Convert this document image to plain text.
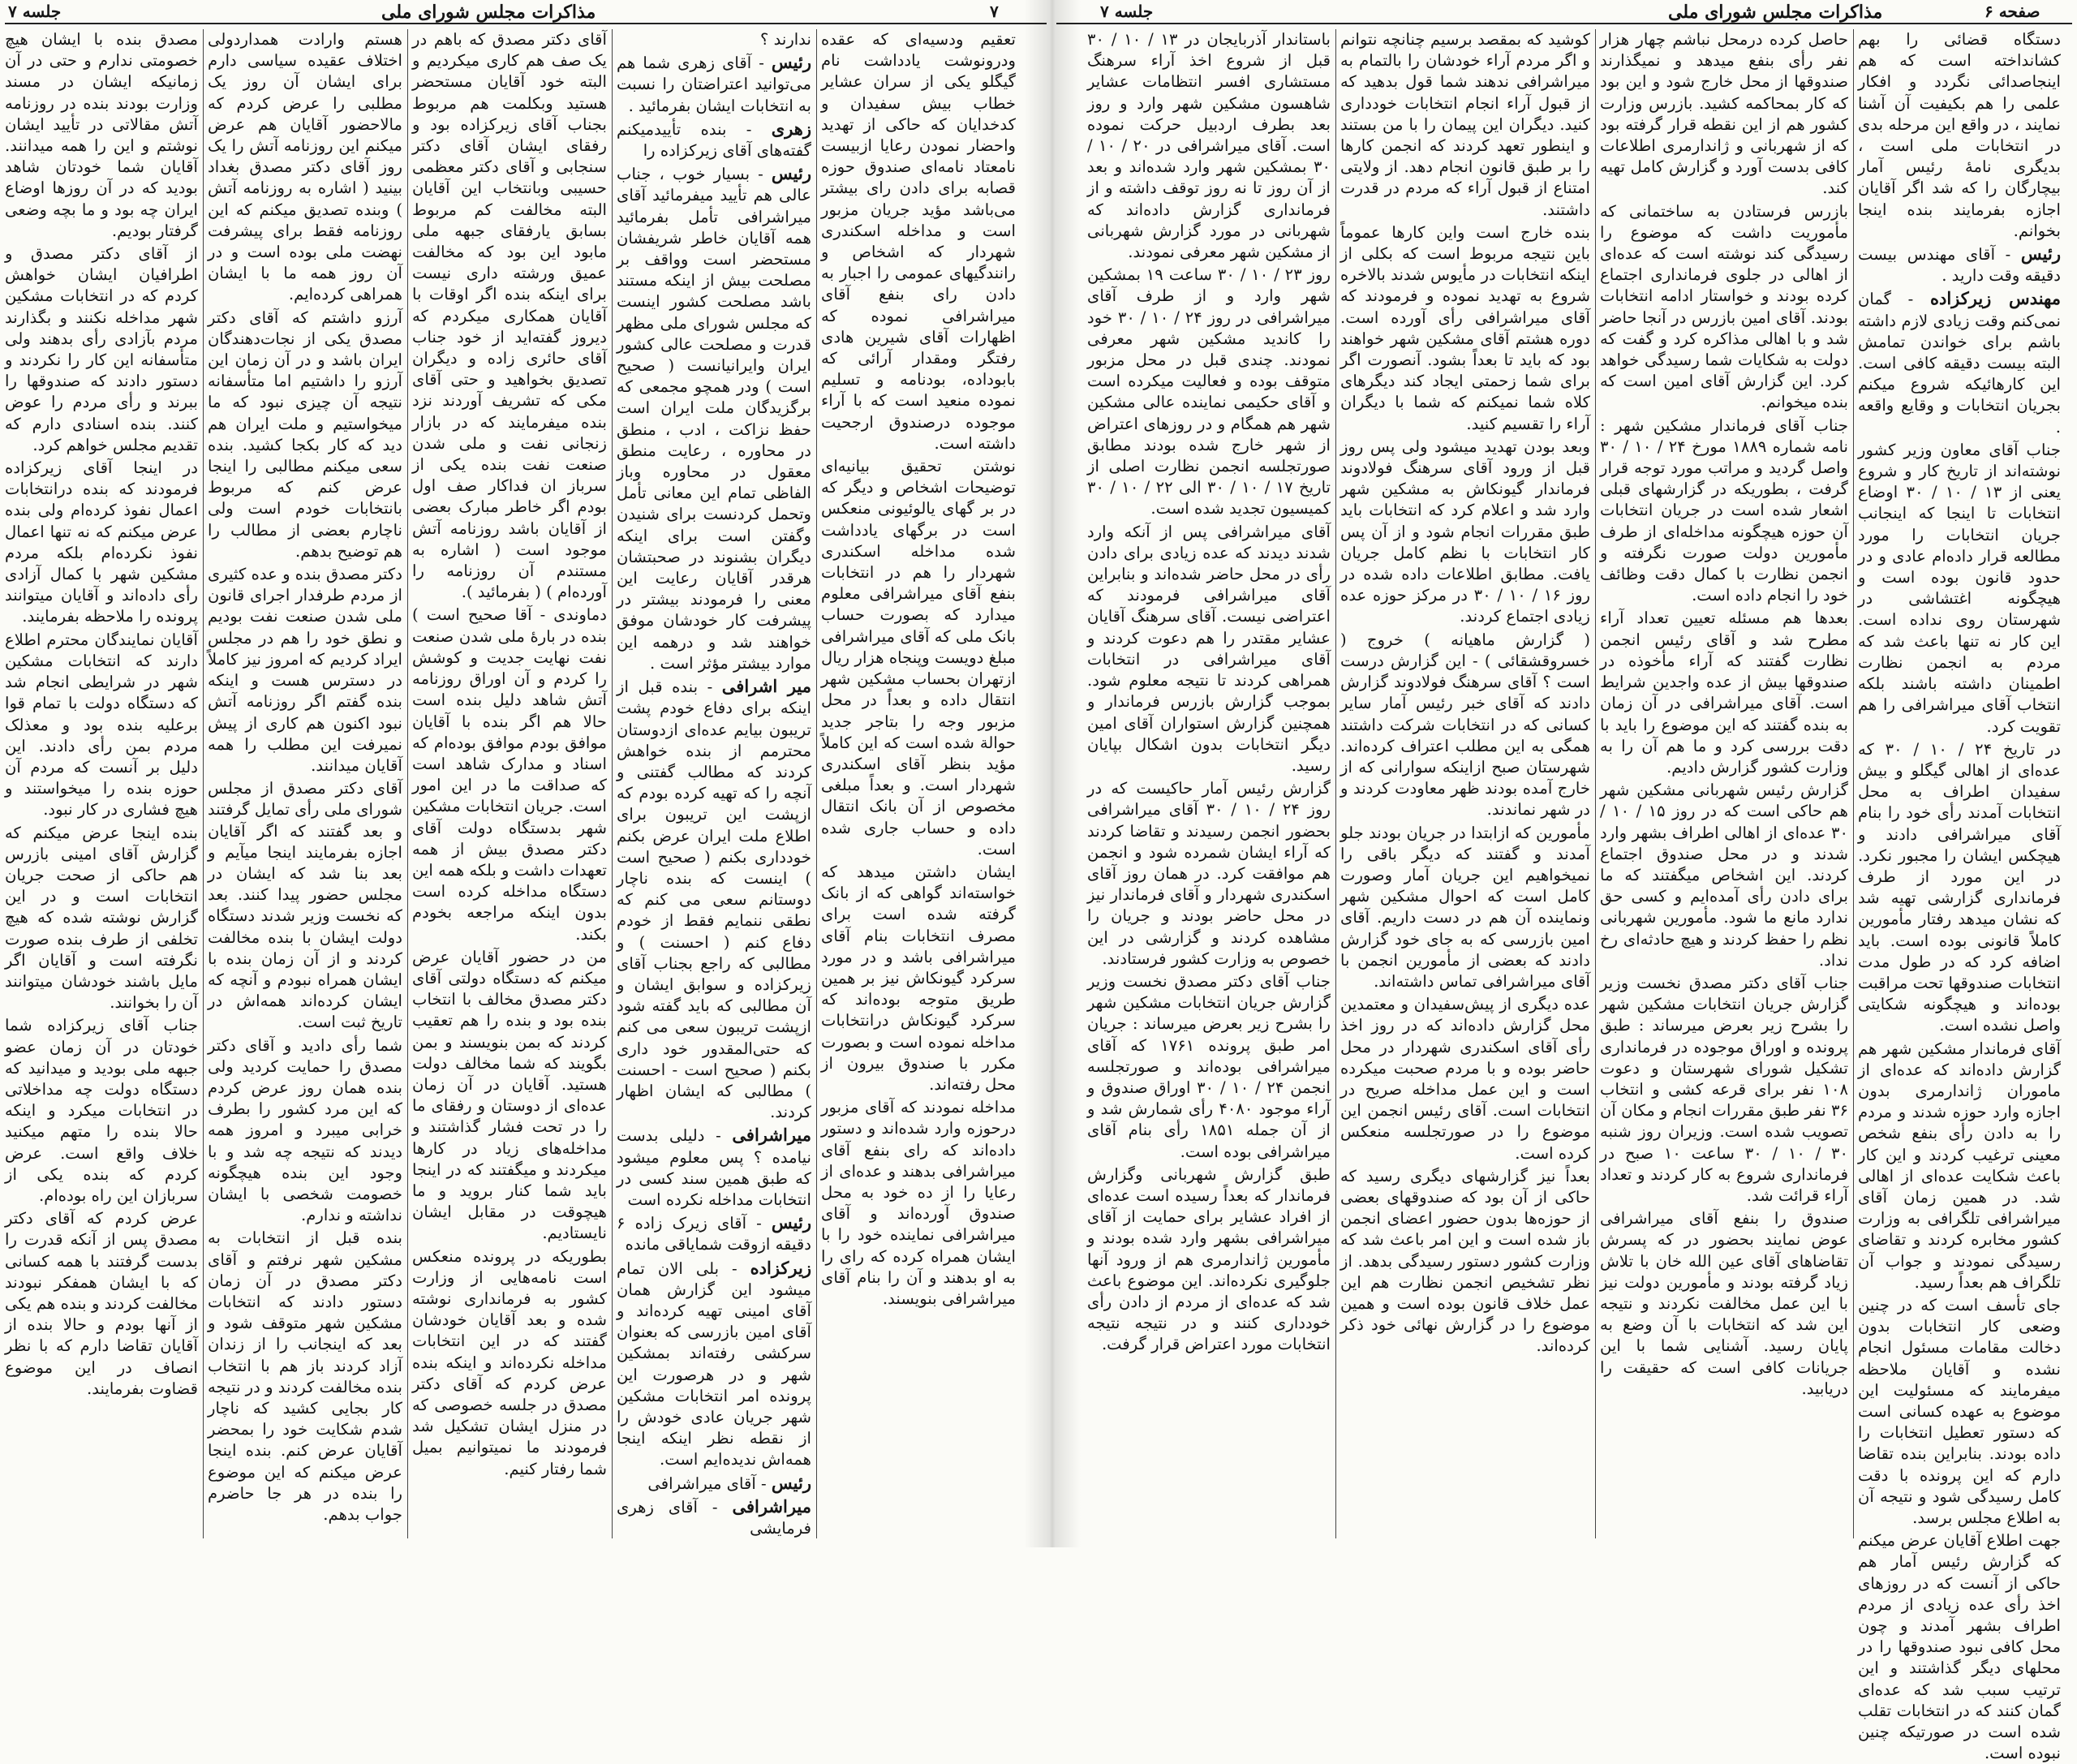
مذاکرات مجلس شورای ملی
جلسه ۷	۷

تعقیم ودسیه‌ای که عقده ودرونوشت یادداشت نام گیگلو یکی از سران عشایر خطاب بیش سفیدان و کدخدایان که حاکی از تهدید واحضار نمودن رعایا ازبیست نامعتاد نامه‌ای صندوق حوزه قصابه برای دادن رای بیشتر می‌باشد مؤید جریان مزبور است و مداخله اسکندری شهردار که اشخاص و رانندگیهای عمومی را اجبار به دادن رای بنفع آقای میراشرافی نموده که اظهارات آقای شیرین هادی رفتگر ومقدار آرائی که بابوداده، بودنامه و تسلیم نموده منعید است که با آراء موجوده درصندوق ارجحیت داشته است.

نوشتن تحقیق بیانیه‌ای توضیحات اشخاص و دیگر که در بر گهای یالوئیونی منعکس است در برگهای یادداشت شده مداخله اسکندری شهردار را هم در انتخابات بنفع آقای میراشرافی معلوم میدارد که بصورت حساب بانک ملی که آقای میراشرافی مبلغ دویست وپنجاه هزار ریال ازتهران بحساب مشکین شهر انتقال داده و بعداً در محل مزبور وجه را بتاجر جدید حوالة شده است که این کاملاً مؤید بنظر آقای اسکندری شهردار است. و بعداً مبلغی مخصوص از آن بانک انتقال داده و حساب جاری شده است.

ایشان داشتن میدهد که خواسته‌اند گواهی که از بانک گرفته شده است برای مصرف انتخابات بنام آقای میراشرافی باشد و در مورد سرکرد گیونکاش نیز بر همین طریق متوجه بوده‌اند که سرکرد گیونکاش درانتخابات مداخله نموده است و بصورت مکرر با صندوق بیرون از محل رفته‌اند.

مداخله نمودند که آقای مزبور درحوزه وارد شده‌اند و دستور داده‌اند که رای بنفع آقای میراشرافی بدهند و عده‌ای از رعایا را از ده خود به محل صندوق آورده‌اند و آقای میراشرافی نماینده خود را با ایشان همراه کرده که رای را به او بدهند و آن را بنام آقای میراشرافی بنویسند.

ندارند ؟

رئیس - آقای زهری شما هم می‌توانید اعتراضتان را نسبت به انتخابات ایشان بفرمائید .

زهری - بنده تأییدمیکنم گفته‌های آقای زیرکزاده را

رئیس - بسیار خوب ، جناب عالی هم تأیید میفرمائید آقای میراشرافی تأمل بفرمائید همه آقایان خاطر شریفشان مستحضر است وواقف بر مصلحت بیش از اینکه مستند باشد مصلحت کشور اینست که مجلس شورای ملی مظهر قدرت و مصلحت عالی کشور ایران وایرانیانست ( صحیح است ) ودر همچو مجمعی که برگزیدگان ملت ایران است حفظ نزاکت ، ادب ، منطق در محاوره ، رعایت منطق معقول در محاوره وباز الفاظی تمام این معانی تأمل وتحمل کردنست برای شنیدن وگفتن است برای اینکه دیگران بشنوند در صحبتشان هرقدر آقایان رعایت این معنی را فرمودند بیشتر در پیشرفت کار خودشان موفق خواهند شد و درهمه این موارد بیشتر مؤثر است .

میر اشرافی - بنده قبل از اینکه برای دفاع خودم پشت تریبون بیایم عده‌ای ازدوستان محترمم از بنده خواهش کردند که مطالب گفتنی و آنچه را که تهیه کرده بودم که ازپشت این تریبون برای اطلاع ملت ایران عرض بکنم خودداری بکنم ( صحیح است ) اینست که بنده ناچار دوستانم سعی می کنم که نطقی ننمایم فقط از خودم دفاع کنم ( احسنت ) و مطالبی که راجع بجناب آقای زیرکزاده و سوابق ایشان و آن مطالبی که باید گفته شود ازپشت تریبون سعی می کنم که حتی‌المقدور خود داری بکنم ( صحیح است - احسنت ) مطالبی که ایشان اظهار کردند.

میراشرافی - دلیلی بدست نیامده ؟ پس معلوم میشود که طبق همین سند کسی در انتخابات مداخله نکرده است

رئیس - آقای زیرک زاده ۶ دقیقه ازوقت شمایاقی مانده

زیرکزاده - بلی الان تمام میشود این گزارش همان آقای امینی تهیه کرده‌اند و آقای امین بازرسی که بعنوان سرکشی رفته‌اند بمشکین شهر و در هرصورت این پرونده امر انتخابات مشکین شهر جریان عادی خودش را از نقطه نظر اینکه اینجا همه‌اش ندیده‌ایم است.

رئیس - آقای میراشرافی

میراشرافی - آقای زهری فرمایشی

آقای دکتر مصدق که باهم در یک صف هم کاری میکردیم و البته خود آقایان مستحضر هستید وبکلمت هم مربوط بجناب آقای زیرکزاده بود و رفقای ایشان آقای دکتر سنجابی و آقای دکتر معظمی حسیبی وبانتخاب این آقایان البته مخالفت کم مربوط بسابق یارفقای جبهه ملی مابود این بود که مخالفت عمیق ورشته داری نیست برای اینکه بنده اگر اوقات با آقایان همکاری میکردم که دیروز گفته‌اید از خود جناب آقای حائری زاده و دیگران تصدیق بخواهید و حتی آقای مکی که تشریف آوردند نزد بنده میفرمایند که در بازار زنجانی نفت و ملی شدن صنعت نفت بنده یکی از سرباز ان فداکار صف اول بودم اگر خاطر مبارک بعضی از آقایان باشد روزنامه آتش موجود است ( اشاره به مستندم آن روزنامه را آورده‌ام ) ( بفرمائید ).

دماوندی - آقا صحیح است ) بنده در بارهٔ ملی شدن صنعت نفت نهایت جدیت و کوشش را کردم و آن اوراق روزنامه آتش شاهد دلیل بنده است حالا هم اگر بنده با آقایان موافق بودم موافق بوده‌ام که اسناد و مدارک شاهد است که صداقت ما در این امور است. جریان انتخابات مشکین شهر بدستگاه دولت آقای دکتر مصدق بیش از همه تعهدات داشت و بلکه همه این دستگاه مداخله کرده است بدون اینکه مراجعه بخودم بکند.

من در حضور آقایان عرض میکنم که دستگاه دولتی آقای دکتر مصدق مخالف با انتخاب بنده بود و بنده را هم تعقیب کردند که بمن بنویسند و بمن بگویند که شما مخالف دولت هستید. آقایان در آن زمان عده‌ای از دوستان و رفقای ما را در تحت فشار گذاشتند و مداخله‌های زیاد در کارها میکردند و میگفتند که در اینجا باید شما کنار بروید و ما هیچوقت در مقابل ایشان نایستادیم.

بطوریکه در پرونده منعکس است نامه‌هایی از وزارت کشور به فرمانداری نوشته شده و بعد آقایان خودشان گفتند که در این انتخابات مداخله نکرده‌اند و اینکه بنده عرض کردم که آقای دکتر مصدق در جلسه خصوصی که در منزل ایشان تشکیل شد فرمودند ما نمیتوانیم بمیل شما رفتار کنیم.

هستم وارادت همداردولی اختلاف عقیده سیاسی دارم برای ایشان آن روز یک مطلبی را عرض کردم که مالاحضور آقایان هم عرض میکنم این روزنامه آتش را یک روز آقای دکتر مصدق بغداد بینید ( اشاره به روزنامه آتش ) وبنده تصدیق میکنم که این روزنامه فقط برای پیشرفت نهضت ملی بوده است و در آن روز همه ما با ایشان همراهی کرده‌ایم.

آرزو داشتم که آقای دکتر مصدق یکی از نجات‌دهندگان ایران باشد و در آن زمان این آرزو را داشتیم اما متأسفانه نتیجه آن چیزی نبود که ما میخواستیم و ملت ایران هم دید که کار بکجا کشید. بنده سعی میکنم مطالبی را اینجا عرض کنم که مربوط بانتخابات خودم است ولی ناچارم بعضی از مطالب را هم توضیح بدهم.

دکتر مصدق بنده و عده کثیری از مردم طرفدار اجرای قانون ملی شدن صنعت نفت بودیم و نطق خود را هم در مجلس ایراد کردیم که امروز نیز کاملاً در دسترس هست و اینکه بنده گفتم اگر روزنامه آتش نبود اکنون هم کاری از پیش نمیرفت این مطلب را همه آقایان میدانند.

آقای دکتر مصدق از مجلس شورای ملی رأی تمایل گرفتند و بعد گفتند که اگر آقایان اجازه بفرمایند اینجا میآیم و بعد بنا شد که ایشان در مجلس حضور پیدا کنند. بعد که نخست وزیر شدند دستگاه دولت ایشان با بنده مخالفت کردند و از آن زمان بنده با ایشان همراه نبودم و آنچه که ایشان کرده‌اند همه‌اش در تاریخ ثبت است.

شما رأی دادید و آقای دکتر مصدق را حمایت کردید ولی بنده همان روز عرض کردم که این مرد کشور را بطرف خرابی میبرد و امروز همه دیدند که نتیجه چه شد و با وجود این بنده هیچگونه خصومت شخصی با ایشان نداشته و ندارم.

بنده قبل از انتخابات به مشکین شهر نرفتم و آقای دکتر مصدق در آن زمان دستور دادند که انتخابات مشکین شهر متوقف شود و بعد که اینجانب را از زندان آزاد کردند باز هم با انتخاب بنده مخالفت کردند و در نتیجه کار بجایی کشید که ناچار شدم شکایت خود را بمحضر آقایان عرض کنم. بنده اینجا عرض میکنم که این موضوع را بنده در هر جا حاضرم جواب بدهم.

مصدق بنده با ایشان هیچ خصومتی ندارم و حتی در آن زمانیکه ایشان در مسند وزارت بودند بنده در روزنامه آتش مقالاتی در تأیید ایشان نوشتم و این را همه میدانند. آقایان شما خودتان شاهد بودید که در آن روزها اوضاع ایران چه بود و ما بچه وضعی گرفتار بودیم.

از آقای دکتر مصدق و اطرافیان ایشان خواهش کردم که در انتخابات مشکین شهر مداخله نکنند و بگذارند مردم بآزادی رأی بدهند ولی متأسفانه این کار را نکردند و دستور دادند که صندوقها را ببرند و رأی مردم را عوض کنند. بنده اسنادی دارم که تقدیم مجلس خواهم کرد.

در اینجا آقای زیرکزاده فرمودند که بنده درانتخابات اعمال نفوذ کرده‌ام ولی بنده عرض میکنم که نه تنها اعمال نفوذ نکرده‌ام بلکه مردم مشکین شهر با کمال آزادی رأی داده‌اند و آقایان میتوانند پرونده را ملاحظه بفرمایند.

آقایان نمایندگان محترم اطلاع دارند که انتخابات مشکین شهر در شرایطی انجام شد که دستگاه دولت با تمام قوا برعلیه بنده بود و معذلک مردم بمن رأی دادند. این دلیل بر آنست که مردم آن حوزه بنده را میخواستند و هیچ فشاری در کار نبود.

بنده اینجا عرض میکنم که گزارش آقای امینی بازرس هم حاکی از صحت جریان انتخابات است و در این گزارش نوشته شده که هیچ تخلفی از طرف بنده صورت نگرفته است و آقایان اگر مایل باشند خودشان میتوانند آن را بخوانند.

جناب آقای زیرکزاده شما خودتان در آن زمان عضو جبهه ملی بودید و میدانید که دستگاه دولت چه مداخلاتی در انتخابات میکرد و اینکه حالا بنده را متهم میکنید خلاف واقع است. عرض کردم که بنده یکی از سربازان این راه بوده‌ام.

عرض کردم که آقای دکتر مصدق پس از آنکه قدرت را بدست گرفتند با همه کسانی که با ایشان همفکر نبودند مخالفت کردند و بنده هم یکی از آنها بودم و حالا بنده از آقایان تقاضا دارم که با نظر انصاف در این موضوع قضاوت بفرمایند.

صفحه ۶
مذاکرات مجلس شورای ملی
جلسه ۷

دستگاه قضائی را بهم کشانداخته است که هم اینجاصدائی نگردد و افکار علمی را هم بکیفیت آن آشنا نمایند ، در واقع این مرحله بدی در انتخابات ملی است ، بدیگری نامهٔ رئیس آمار بیچارگان را که شد اگر آقایان اجازه بفرمایند بنده اینجا بخوانم.

رئیس - آقای مهندس بیست دقیقه وقت دارید .

مهندس زیرکزاده - گمان نمی‌کنم وقت زیادی لازم داشته باشم برای خواندن تمامش البته بیست دقیقه کافی است. این کارهائیکه شروع میکنم بجریان انتخابات و وقایع واقعه .

جناب آقای معاون وزیر کشور نوشته‌اند از تاریخ کار و شروع یعنی از ۱۳ / ۱۰ / ۳۰ اوضاع انتخابات تا اینجا که اینجانب جریان انتخابات را مورد مطالعه قرار داده‌ام عادی و در حدود قانون بوده است و هیچگونه اغتشاشی در شهرستان روی نداده است. این کار نه تنها باعث شد که مردم به انجمن نظارت اطمینان داشته باشند بلکه انتخاب آقای میراشرافی را هم تقویت کرد.

در تاریخ ۲۴ / ۱۰ / ۳۰ که عده‌ای از اهالی گیگلو و بیش سفیدان اطراف به محل انتخابات آمدند رأی خود را بنام آقای میراشرافی دادند و هیچکس ایشان را مجبور نکرد. در این مورد از طرف فرمانداری گزارشی تهیه شد که نشان میدهد رفتار مأمورین کاملاً قانونی بوده است. باید اضافه کرد که در طول مدت انتخابات صندوقها تحت مراقبت بوده‌اند و هیچگونه شکایتی واصل نشده است.

آقای فرماندار مشکین شهر هم گزارش داده‌اند که عده‌ای از ماموران ژاندارمری بدون اجازه وارد حوزه شدند و مردم را به دادن رأی بنفع شخص معینی ترغیب کردند و این کار باعث شکایت عده‌ای از اهالی شد. در همین زمان آقای میراشرافی تلگرافی به وزارت کشور مخابره کردند و تقاضای رسیدگی نمودند و جواب آن تلگراف هم بعداً رسید.

جای تأسف است که در چنین وضعی کار انتخابات بدون دخالت مقامات مسئول انجام نشده و آقایان ملاحظه میفرمایند که مسئولیت این موضوع به عهده کسانی است که دستور تعطیل انتخابات را داده بودند. بنابراین بنده تقاضا دارم که این پرونده با دقت کامل رسیدگی شود و نتیجه آن به اطلاع مجلس برسد.

جهت اطلاع آقایان عرض میکنم که گزارش رئیس آمار هم حاکی از آنست که در روزهای اخذ رأی عده زیادی از مردم اطراف بشهر آمدند و چون محل کافی نبود صندوقها را در محلهای دیگر گذاشتند و این ترتیب سبب شد که عده‌ای گمان کنند که در انتخابات تقلب شده است در صورتیکه چنین نبوده است.

حاصل کرده درمحل نباشم چهار هزار نفر رأی بنفع میدهد و نمیگذارند صندوقها از محل خارج شود و این بود که کار بمحاکمه کشید. بازرس وزارت کشور هم از این نقطه قرار گرفته بود که از شهربانی و ژاندارمری اطلاعات کافی بدست آورد و گزارش کامل تهیه کند.

بازرس فرستادن به ساختمانی که مأموریت داشت که موضوع را رسیدگی کند نوشته است که عده‌ای از اهالی در جلوی فرمانداری اجتماع کرده بودند و خواستار ادامه انتخابات بودند. آقای امین بازرس در آنجا حاضر شد و با اهالی مذاکره کرد و گفت که دولت به شکایات شما رسیدگی خواهد کرد. این گزارش آقای امین است که بنده میخوانم.

جناب آقای فرماندار مشکین شهر : نامه شماره ۱۸۸۹ مورخ ۲۴ / ۱۰ / ۳۰ واصل گردید و مراتب مورد توجه قرار گرفت ، بطوریکه در گزارشهای قبلی اشعار شده است در جریان انتخابات آن حوزه هیچگونه مداخله‌ای از طرف مأمورین دولت صورت نگرفته و انجمن نظارت با کمال دقت وظائف خود را انجام داده است.

بعدها هم مسئله تعیین تعداد آراء مطرح شد و آقای رئیس انجمن نظارت گفتند که آراء مأخوذه در صندوقها بیش از عده واجدین شرایط است. آقای میراشرافی در آن زمان به بنده گفتند که این موضوع را باید با دقت بررسی کرد و ما هم آن را به وزارت کشور گزارش دادیم.

گزارش رئیس شهربانی مشکین شهر هم حاکی است که در روز ۱۵ / ۱۰ / ۳۰ عده‌ای از اهالی اطراف بشهر وارد شدند و در محل صندوق اجتماع کردند. این اشخاص میگفتند که ما برای دادن رأی آمده‌ایم و کسی حق ندارد مانع ما شود. مأمورین شهربانی نظم را حفظ کردند و هیچ حادثه‌ای رخ نداد.

جناب آقای دکتر مصدق نخست وزیر گزارش جریان انتخابات مشکین شهر را بشرح زیر بعرض میرساند : طبق پرونده و اوراق موجوده در فرمانداری تشکیل شورای شهرستان و دعوت ۱۰۸ نفر برای قرعه کشی و انتخاب ۳۶ نفر طبق مقررات انجام و مکان آن تصویب شده است. وزیران روز شنبه ۳۰ / ۱۰ / ۳۰ ساعت ۱۰ صبح در فرمانداری شروع به کار کردند و تعداد آراء قرائت شد.

صندوق را بنفع آقای میراشرافی عوض نمایند بحضور در که پسرش تقاضاهای آقای عین الله خان با تلاش زیاد گرفته بودند و مأمورین دولت نیز با این عمل مخالفت نکردند و نتیجه این شد که انتخابات با آن وضع به پایان رسید. آشنایی شما با این جریانات کافی است که حقیقت را دریابید.

کوشید که بمقصد برسیم چنانچه نتوانم و اگر مردم آراء خودشان را بالتمام به میراشرافی ندهند شما قول بدهید که از قبول آراء انجام انتخابات خودداری کنید. دیگران این پیمان را با من بستند و اینطور تعهد کردند که انجمن کارها را بر طبق قانون انجام دهد. از ولایتی امتناع از قبول آراء که مردم در قدرت داشتند.

بنده خارج است واین کارها عموماً باین نتیجه مربوط است که بکلی از اینکه انتخابات در مأیوس شدند بالاخره شروع به تهدید نموده و فرمودند که آقای میراشرافی رأی آورده است. دوره هشتم آقای مشکین شهر خواهند بود که باید تا بعداً بشود. آنصورت اگر برای شما زحمتی ایجاد کند دیگرهای کلاه شما نمیکنم که شما با دیگران آراء را تقسیم کنید.

وبعد بودن تهدید میشود ولی پس روز قبل از ورود آقای سرهنگ فولادوند فرماندار گیونکاش به مشکین شهر وارد شد و اعلام کرد که انتخابات باید طبق مقررات انجام شود و از آن پس کار انتخابات با نظم کامل جریان یافت. مطابق اطلاعات داده شده در روز ۱۶ / ۱۰ / ۳۰ در مرکز حوزه عده زیادی اجتماع کردند.

( گزارش ماهیانه ) خروج ( خسروقشقائی ) - این گزارش درست است ؟ آقای سرهنگ فولادوند گزارش دادند که آقای خبر رئیس آمار سایر کسانی که در انتخابات شرکت داشتند همگی به این مطلب اعتراف کرده‌اند. شهرستان صبح ازاینکه سوارانی که از خارج آمده بودند ظهر معاودت کردند و در شهر نماندند.

مأمورین که ازابتدا در جریان بودند جلو آمدند و گفتند که دیگر باقی را نمیخواهیم این جریان آمار وصورت کامل است که احوال مشکین شهر ونماینده آن هم در دست داریم. آقای امین بازرسی که به جای خود گزارش دادند که بعضی از مأمورین انجمن با آقای میراشرافی تماس داشته‌اند.

عده دیگری از پیش‌سفیدان و معتمدین محل گزارش داده‌اند که در روز اخذ رأی آقای اسکندری شهردار در محل حاضر بوده و با مردم صحبت میکرده است و این عمل مداخله صریح در انتخابات است. آقای رئیس انجمن این موضوع را در صورتجلسه منعکس کرده است.

بعداً نیز گزارشهای دیگری رسید که حاکی از آن بود که صندوقهای بعضی از حوزه‌ها بدون حضور اعضای انجمن باز شده است و این امر باعث شد که وزارت کشور دستور رسیدگی بدهد. از نظر تشخیص انجمن نظارت هم این عمل خلاف قانون بوده است و همین موضوع را در گزارش نهائی خود ذکر کرده‌اند.

باستاندار آذربایجان در ۱۳ / ۱۰ / ۳۰ قبل از شروع اخذ آراء سرهنگ مستشاری افسر انتظامات عشایر شاهسون مشکین شهر وارد و روز بعد بطرف اردبیل حرکت نموده است. آقای میراشرافی در ۲۰ / ۱۰ / ۳۰ بمشکین شهر وارد شده‌اند و بعد از آن روز تا نه روز توقف داشته و از فرمانداری گزارش داده‌اند که شهربانی در مورد گزارش شهربانی از مشکین شهر معرفی نمودند.

روز ۲۳ / ۱۰ / ۳۰ ساعت ۱۹ بمشکین شهر وارد و از طرف آقای میراشرافی در روز ۲۴ / ۱۰ / ۳۰ خود را کاندید مشکین شهر معرفی نمودند. چندی قبل در محل مزبور متوقف بوده و فعالیت میکرده است و آقای حکیمی نماینده عالی مشکین شهر هم همگام و در روزهای اعتراض از شهر خارج شده بودند مطابق صورتجلسه انجمن نظارت اصلی از تاریخ ۱۷ / ۱۰ / ۳۰ الی ۲۲ / ۱۰ / ۳۰ کمیسیون تجدید شده است.

آقای میراشرافی پس از آنکه وارد شدند دیدند که عده زیادی برای دادن رأی در محل حاضر شده‌اند و بنابراین آقای میراشرافی فرمودند که اعتراضی نیست. آقای سرهنگ آقایان عشایر مقتدر را هم دعوت کردند و آقای میراشرافی در انتخابات همراهی کردند تا نتیجه معلوم شود. بموجب گزارش بازرس فرماندار و همچنین گزارش استواران آقای امین دیگر انتخابات بدون اشکال بپایان رسید.

گزارش رئیس آمار حاکیست که در روز ۲۴ / ۱۰ / ۳۰ آقای میراشرافی بحضور انجمن رسیدند و تقاضا کردند که آراء ایشان شمرده شود و انجمن هم موافقت کرد. در همان روز آقای اسکندری شهردار و آقای فرماندار نیز در محل حاضر بودند و جریان را مشاهده کردند و گزارشی در این خصوص به وزارت کشور فرستادند.

جناب آقای دکتر مصدق نخست وزیر گزارش جریان انتخابات مشکین شهر را بشرح زیر بعرض میرساند : جریان امر طبق پرونده ۱۷۶۱ که آقای میراشرافی بوده‌اند و صورتجلسه انجمن ۲۴ / ۱۰ / ۳۰ اوراق صندوق و آراء موجود ۴۰۸۰ رأی شمارش شد و از آن جمله ۱۸۵۱ رأی بنام آقای میراشرافی بوده است.

طبق گزارش شهربانی وگزارش فرماندار که بعداً رسیده است عده‌ای از افراد عشایر برای حمایت از آقای میراشرافی بشهر وارد شده بودند و مأمورین ژاندارمری هم از ورود آنها جلوگیری نکرده‌اند. این موضوع باعث شد که عده‌ای از مردم از دادن رأی خودداری کنند و در نتیجه نتیجه انتخابات مورد اعتراض قرار گرفت.
